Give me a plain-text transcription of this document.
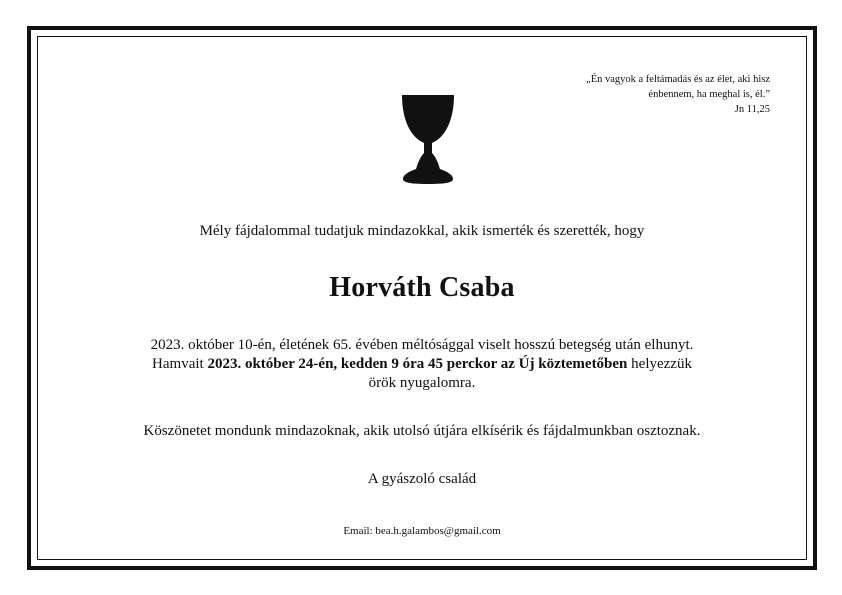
„Én vagyok a feltámadás és az élet, aki hisz
énbennem, ha meghal is, él.”
Jn 11,25
Mély fájdalommal tudatjuk mindazokkal, akik ismerték és szerették, hogy
Horváth Csaba
2023. október 10-én, életének 65. évében méltósággal viselt hosszú betegség után elhunyt.
Hamvait 2023. október 24-én, kedden 9 óra 45 perckor az Új köztemetőben helyezzük
örök nyugalomra.
Köszönetet mondunk mindazoknak, akik utolsó útjára elkísérik és fájdalmunkban osztoznak.
A gyászoló család
Email: bea.h.galambos@gmail.com
